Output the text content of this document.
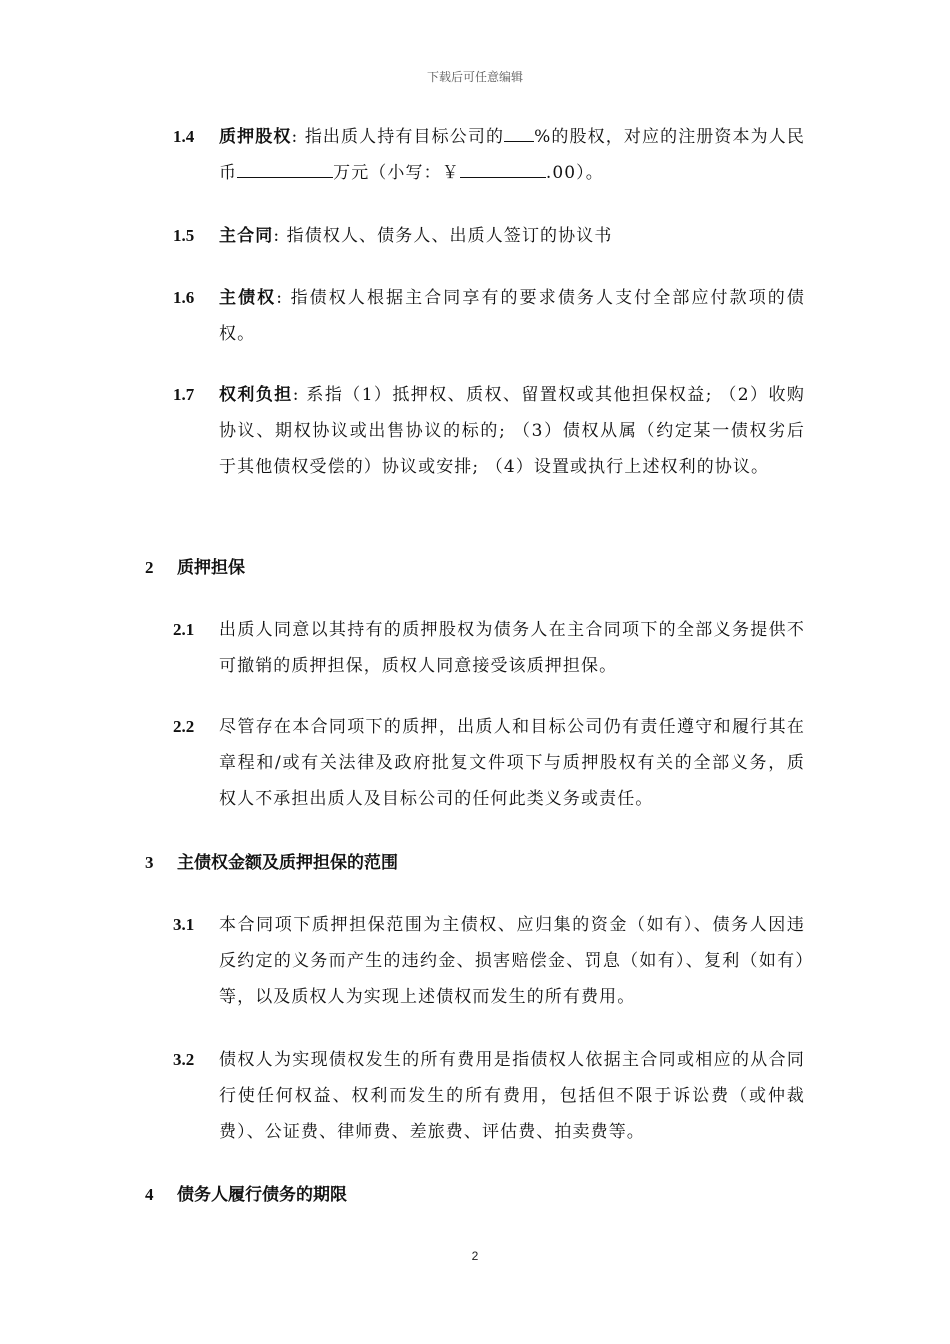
下载后可任意编辑
1.4 质押股权: 指出质人持有目标公司的 %的股权，对应的注册资本为人民币	万元（小写：￥	.00）。
1.5 主合同: 指债权人、债务人、出质人签订的协议书
1.6 主债权: 指债权人根据主合同享有的要求债务人支付全部应付款项的债权。
1.7 权利负担: 系指（1）抵押权、质权、留置权或其他担保权益; （2）收购协议、期权协议或出售协议的标的; （3）债权从属（约定某一债权劣后于其他债权受偿的）协议或安排; （4）设置或执行上述权利的协议。
2 质押担保
2.1 出质人同意以其持有的质押股权为债务人在主合同项下的全部义务提供不可撤销的质押担保，质权人同意接受该质押担保。
2.2 尽管存在本合同项下的质押，出质人和目标公司仍有责任遵守和履行其在章程和/或有关法律及政府批复文件项下与质押股权有关的全部义务，质权人不承担出质人及目标公司的任何此类义务或责任。
3 主债权金额及质押担保的范围
3.1 本合同项下质押担保范围为主债权、应归集的资金（如有）、债务人因违反约定的义务而产生的违约金、损害赔偿金、罚息（如有）、复利（如有）等，以及质权人为实现上述债权而发生的所有费用。
3.2 债权人为实现债权发生的所有费用是指债权人依据主合同或相应的从合同行使任何权益、权利而发生的所有费用，包括但不限于诉讼费（或仲裁费）、公证费、律师费、差旅费、评估费、拍卖费等。
4 债务人履行债务的期限
2
